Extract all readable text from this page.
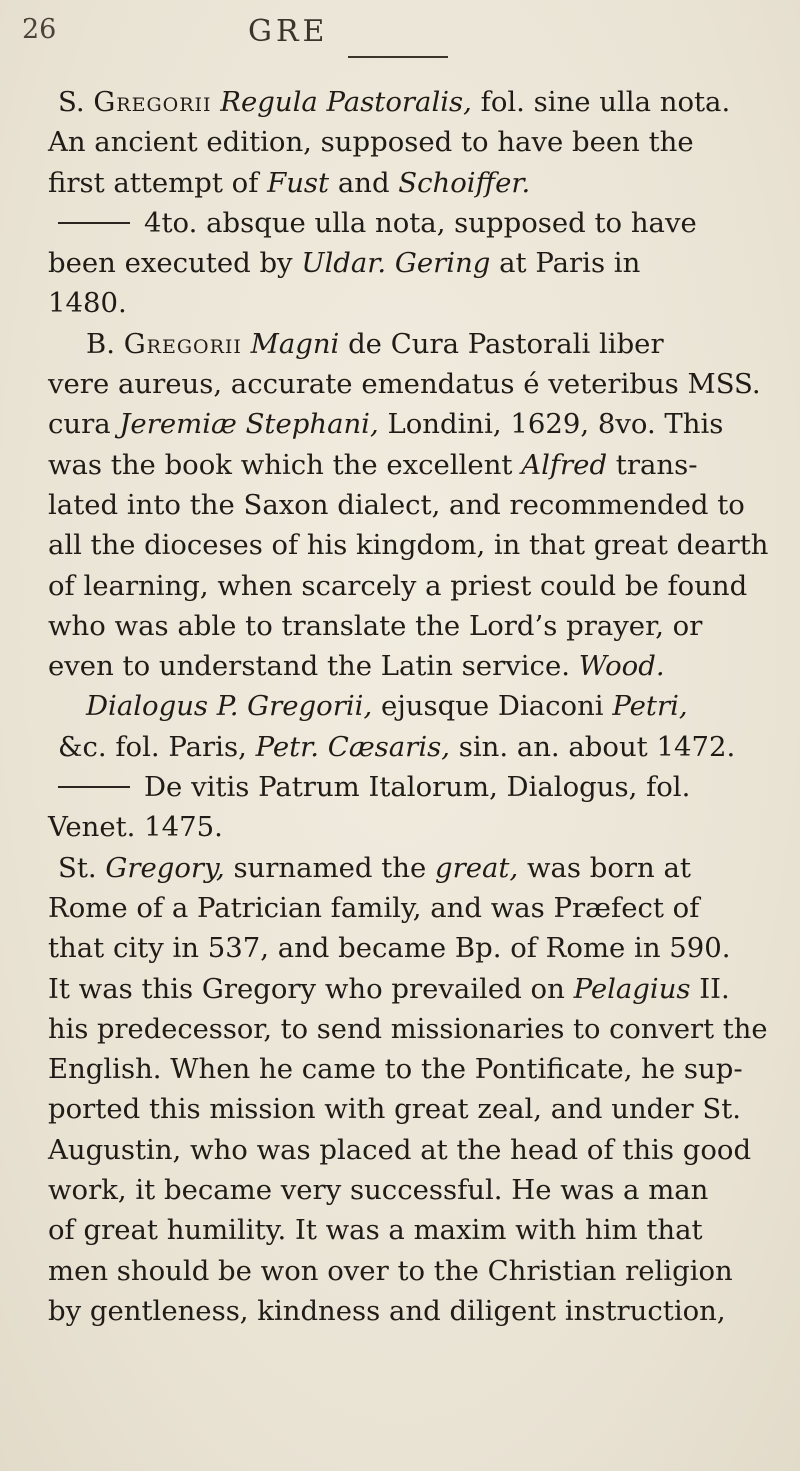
26	GRE
S. Gregorii Regula Pastoralis, fol. sine ulla nota.
An ancient edition, supposed to have been the
first attempt of Fust and Schoiffer.
4to. absque ulla nota, supposed to have
been executed by Uldar. Gering at Paris in
1480.
B. Gregorii Magni de Cura Pastorali liber
vere aureus, accurate emendatus é veteribus MSS.
cura Jeremiæ Stephani, Londini, 1629, 8vo. This
was the book which the excellent Alfred trans-
lated into the Saxon dialect, and recommended to
all the dioceses of his kingdom, in that great dearth
of learning, when scarcely a priest could be found
who was able to translate the Lord’s prayer, or
even to understand the Latin service. Wood.
Dialogus P. Gregorii, ejusque Diaconi Petri,
&c. fol. Paris, Petr. Cæsaris, sin. an. about 1472.
De vitis Patrum Italorum, Dialogus, fol.
Venet. 1475.
St. Gregory, surnamed the great, was born at
Rome of a Patrician family, and was Præfect of
that city in 537, and became Bp. of Rome in 590.
It was this Gregory who prevailed on Pelagius II.
his predecessor, to send missionaries to convert the
English. When he came to the Pontificate, he sup-
ported this mission with great zeal, and under St.
Augustin, who was placed at the head of this good
work, it became very successful. He was a man
of great humility. It was a maxim with him that
men should be won over to the Christian religion
by gentleness, kindness and diligent instruction,
